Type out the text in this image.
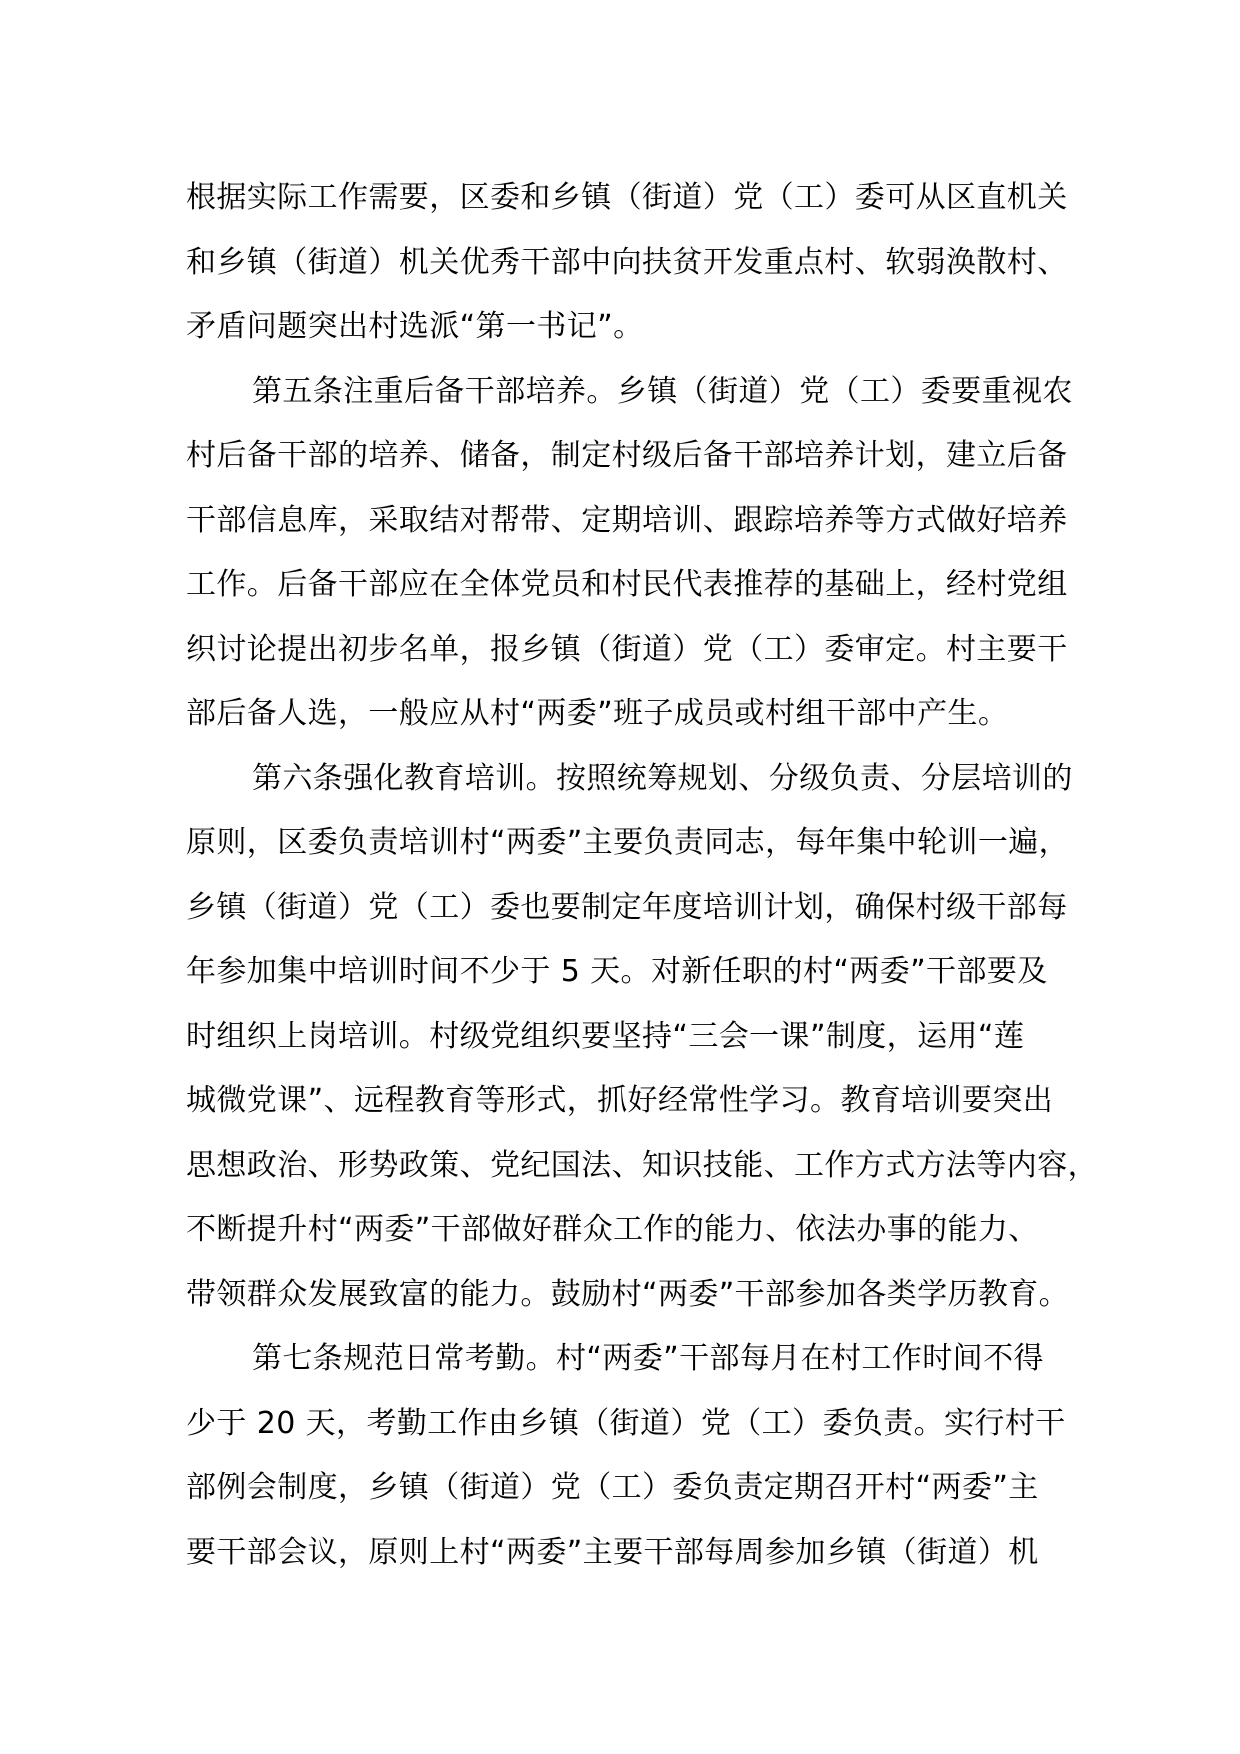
根据实际工作需要，区委和乡镇（街道）党（工）委可从区直机关
和乡镇（街道）机关优秀干部中向扶贫开发重点村、软弱涣散村、
矛盾问题突出村选派“第一书记”。
第五条注重后备干部培养。乡镇（街道）党（工）委要重视农
村后备干部的培养、储备，制定村级后备干部培养计划，建立后备
干部信息库，采取结对帮带、定期培训、跟踪培养等方式做好培养
工作。后备干部应在全体党员和村民代表推荐的基础上，经村党组
织讨论提出初步名单，报乡镇（街道）党（工）委审定。村主要干
部后备人选，一般应从村“两委”班子成员或村组干部中产生。
第六条强化教育培训。按照统筹规划、分级负责、分层培训的
原则，区委负责培训村“两委”主要负责同志，每年集中轮训一遍，
乡镇（街道）党（工）委也要制定年度培训计划，确保村级干部每
年参加集中培训时间不少于 5 天。对新任职的村“两委”干部要及
时组织上岗培训。村级党组织要坚持“三会一课”制度，运用“莲
城微党课”、远程教育等形式，抓好经常性学习。教育培训要突出
思想政治、形势政策、党纪国法、知识技能、工作方式方法等内容，
不断提升村“两委”干部做好群众工作的能力、依法办事的能力、
带领群众发展致富的能力。鼓励村“两委”干部参加各类学历教育。
第七条规范日常考勤。村“两委”干部每月在村工作时间不得
少于 20 天，考勤工作由乡镇（街道）党（工）委负责。实行村干
部例会制度，乡镇（街道）党（工）委负责定期召开村“两委”主
要干部会议，原则上村“两委”主要干部每周参加乡镇（街道）机
